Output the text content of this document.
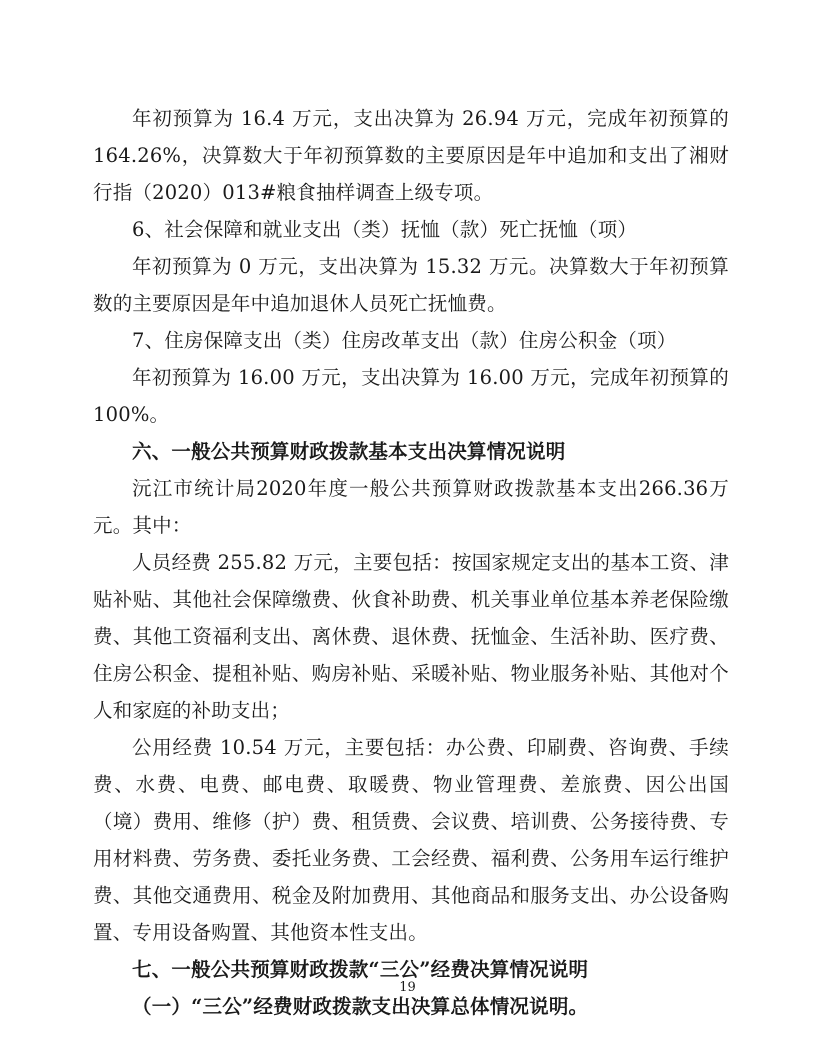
年初预算为 16.4 万元，支出决算为 26.94 万元，完成年初预算的 164.26%，决算数大于年初预算数的主要原因是年中追加和支出了湘财行指（2020）013#粮食抽样调查上级专项。

6、社会保障和就业支出（类）抚恤（款）死亡抚恤（项）

年初预算为 0 万元，支出决算为 15.32 万元。决算数大于年初预算数的主要原因是年中追加退休人员死亡抚恤费。

7、住房保障支出（类）住房改革支出（款）住房公积金（项）

年初预算为 16.00 万元，支出决算为 16.00 万元，完成年初预算的 100%。

六、一般公共预算财政拨款基本支出决算情况说明

沅江市统计局2020年度一般公共预算财政拨款基本支出266.36万元。其中：

人员经费 255.82 万元，主要包括：按国家规定支出的基本工资、津贴补贴、其他社会保障缴费、伙食补助费、机关事业单位基本养老保险缴费、其他工资福利支出、离休费、退休费、抚恤金、生活补助、医疗费、住房公积金、提租补贴、购房补贴、采暖补贴、物业服务补贴、其他对个人和家庭的补助支出；

公用经费 10.54 万元，主要包括：办公费、印刷费、咨询费、手续费、水费、电费、邮电费、取暖费、物业管理费、差旅费、因公出国（境）费用、维修（护）费、租赁费、会议费、培训费、公务接待费、专用材料费、劳务费、委托业务费、工会经费、福利费、公务用车运行维护费、其他交通费用、税金及附加费用、其他商品和服务支出、办公设备购置、专用设备购置、其他资本性支出。

七、一般公共预算财政拨款“三公”经费决算情况说明

（一）“三公”经费财政拨款支出决算总体情况说明。

19
